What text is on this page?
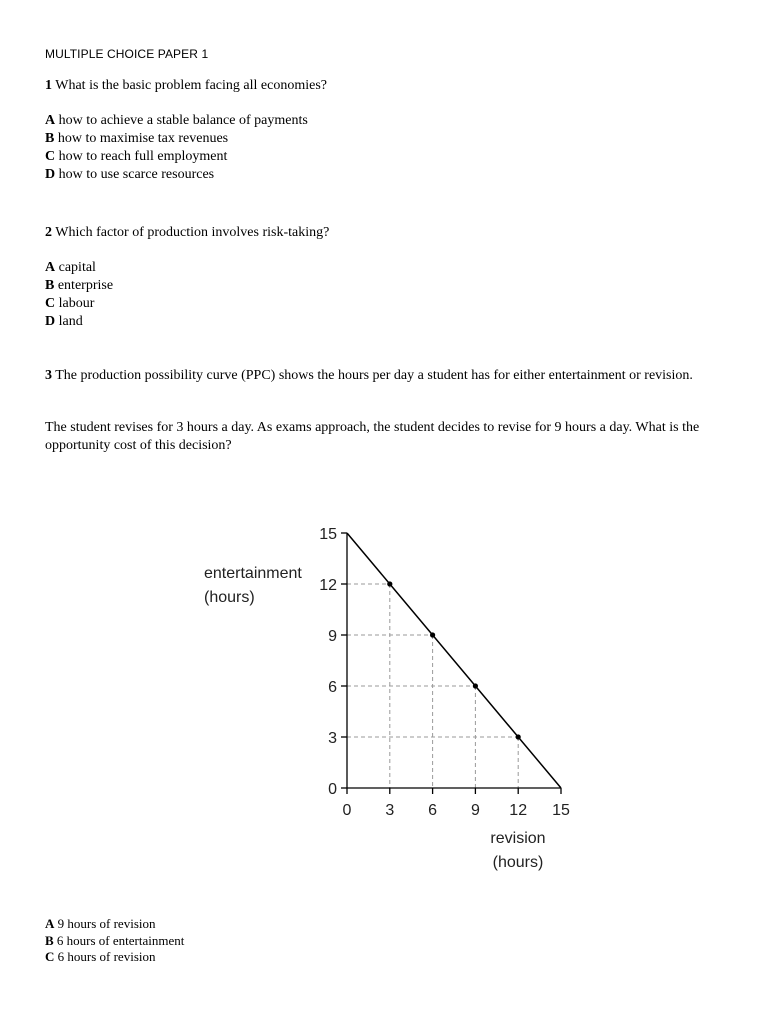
MULTIPLE CHOICE PAPER 1
1 What is the basic problem facing all economies?
A how to achieve a stable balance of payments
B how to maximise tax revenues
C how to reach full employment
D how to use scarce resources
2 Which factor of production involves risk-taking?
A capital
B enterprise
C labour
D land
3 The production possibility curve (PPC) shows the hours per day a student has for either entertainment or revision.
The student revises for 3 hours a day. As exams approach, the student decides to revise for 9 hours a day. What is the opportunity cost of this decision?
0
3
6
9
12
15
0 3 6 9 12 15
entertainment
(hours)
revision
(hours)
A 9 hours of revision
B 6 hours of entertainment
C 6 hours of revision
